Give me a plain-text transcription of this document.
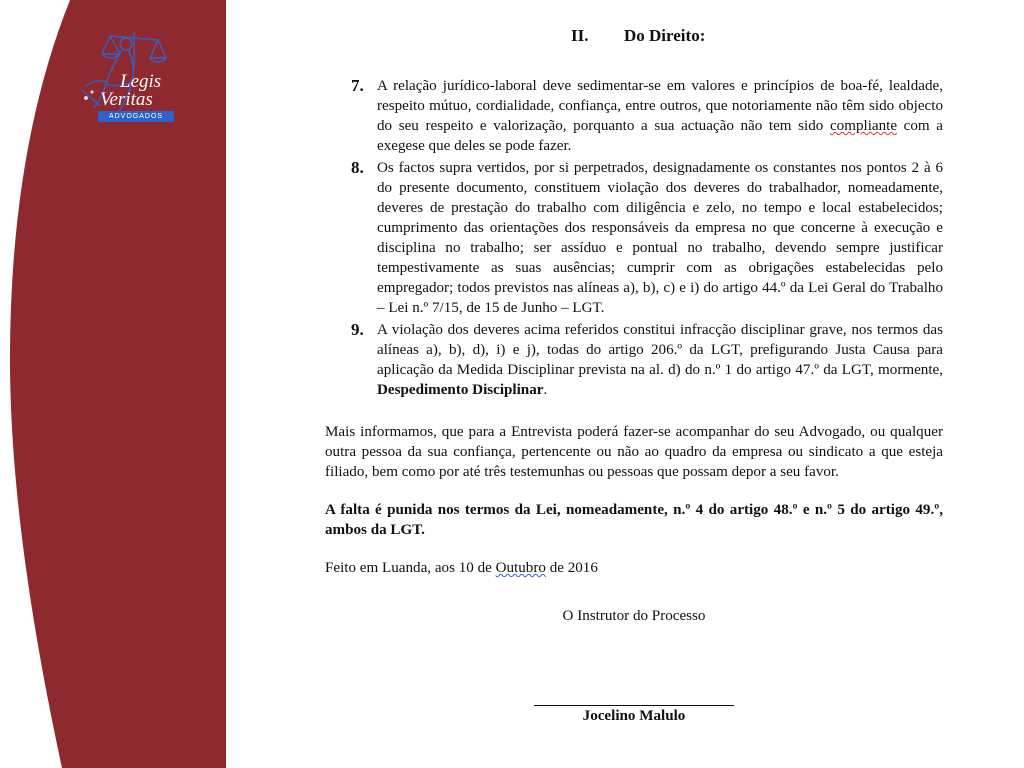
Legis
Veritas
ADVOGADOS
II. Do Direito:
7. A relação jurídico-laboral deve sedimentar-se em valores e princípios de boa-fé, lealdade, respeito mútuo, cordialidade, confiança, entre outros, que notoriamente não têm sido objecto do seu respeito e valorização, porquanto a sua actuação não tem sido compliante com a exegese que deles se pode fazer.
8. Os factos supra vertidos, por si perpetrados, designadamente os constantes nos pontos 2 à 6 do presente documento, constituem violação dos deveres do trabalhador, nomeadamente, deveres de prestação do trabalho com diligência e zelo, no tempo e local estabelecidos; cumprimento das orientações dos responsáveis da empresa no que concerne à execução e disciplina no trabalho; ser assíduo e pontual no trabalho, devendo sempre justificar tempestivamente as suas ausências; cumprir com as obrigações estabelecidas pelo empregador; todos previstos nas alíneas a), b), c) e i) do artigo 44.º da Lei Geral do Trabalho – Lei n.º 7/15, de 15 de Junho – LGT.
9. A violação dos deveres acima referidos constitui infracção disciplinar grave, nos termos das alíneas a), b), d), i) e j), todas do artigo 206.º da LGT, prefigurando Justa Causa para aplicação da Medida Disciplinar prevista na al. d) do n.º 1 do artigo 47.º da LGT, mormente, Despedimento Disciplinar.

Mais informamos, que para a Entrevista poderá fazer-se acompanhar do seu Advogado, ou qualquer outra pessoa da sua confiança, pertencente ou não ao quadro da empresa ou sindicato a que esteja filiado, bem como por até três testemunhas ou pessoas que possam depor a seu favor.

A falta é punida nos termos da Lei, nomeadamente, n.º 4 do artigo 48.º e n.º 5 do artigo 49.º, ambos da LGT.

Feito em Luanda, aos 10 de Outubro de 2016

O Instrutor do Processo

Jocelino Malulo
